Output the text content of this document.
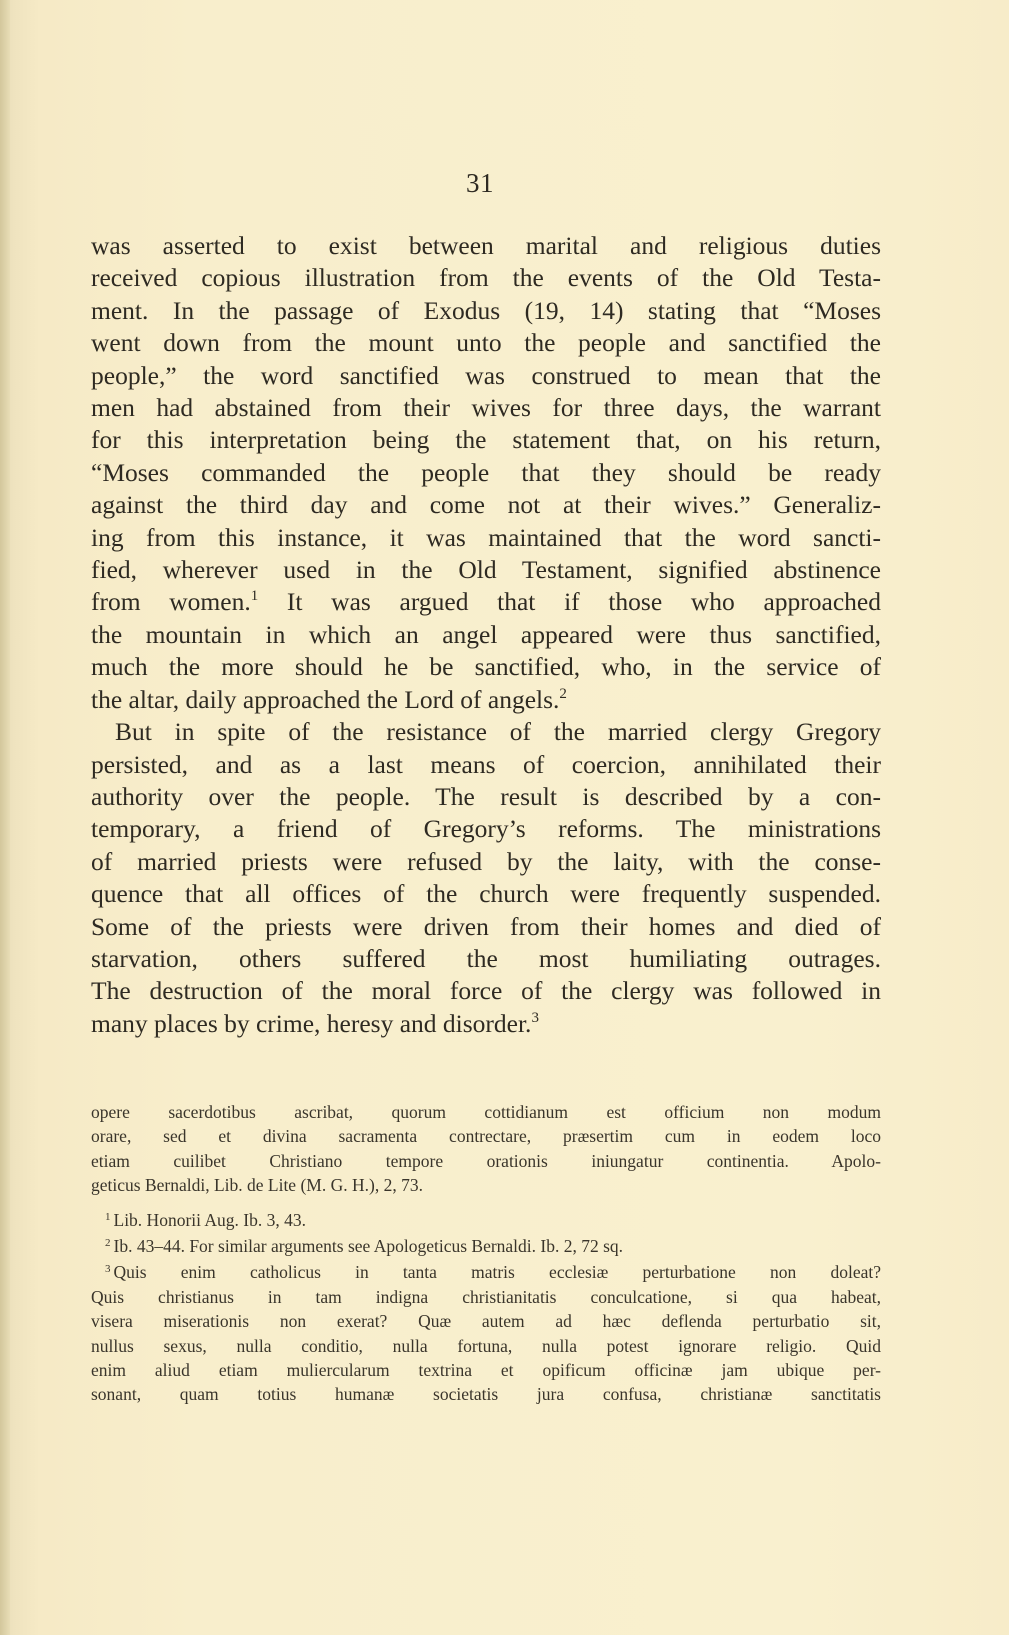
31
was asserted to exist between marital and religious duties
received copious illustration from the events of the Old Testa-
ment. In the passage of Exodus (19, 14) stating that “Moses
went down from the mount unto the people and sanctified the
people,” the word sanctified was construed to mean that the
men had abstained from their wives for three days, the warrant
for this interpretation being the statement that, on his return,
“Moses commanded the people that they should be ready
against the third day and come not at their wives.” Generaliz-
ing from this instance, it was maintained that the word sancti-
fied, wherever used in the Old Testament, signified abstinence
from women.$^1$ It was argued that if those who approached
the mountain in which an angel appeared were thus sanctified,
much the more should he be sanctified, who, in the service of
the altar, daily approached the Lord of angels.$^2$
But in spite of the resistance of the married clergy Gregory
persisted, and as a last means of coercion, annihilated their
authority over the people. The result is described by a con-
temporary, a friend of Gregory’s reforms. The ministrations
of married priests were refused by the laity, with the conse-
quence that all offices of the church were frequently suspended.
Some of the priests were driven from their homes and died of
starvation, others suffered the most humiliating outrages.
The destruction of the moral force of the clergy was followed in
many places by crime, heresy and disorder.$^3$
opere sacerdotibus ascribat, quorum cottidianum est officium non modum
orare, sed et divina sacramenta contrectare, præsertim cum in eodem loco
etiam cuilibet Christiano tempore orationis iniungatur continentia. Apolo-
geticus Bernaldi, Lib. de Lite (M. G. H.), 2, 73.
$^1$ Lib. Honorii Aug. Ib. 3, 43.
$^2$ Ib. 43–44. For similar arguments see Apologeticus Bernaldi. Ib. 2, 72 sq.
$^3$ Quis enim catholicus in tanta matris ecclesiæ perturbatione non doleat?
Quis christianus in tam indigna christianitatis conculcatione, si qua habeat,
visera miserationis non exerat? Quæ autem ad hæc deflenda perturbatio sit,
nullus sexus, nulla conditio, nulla fortuna, nulla potest ignorare religio. Quid
enim aliud etiam muliercularum textrina et opificum officinæ jam ubique per-
sonant, quam totius humanæ societatis jura confusa, christianæ sanctitatis
